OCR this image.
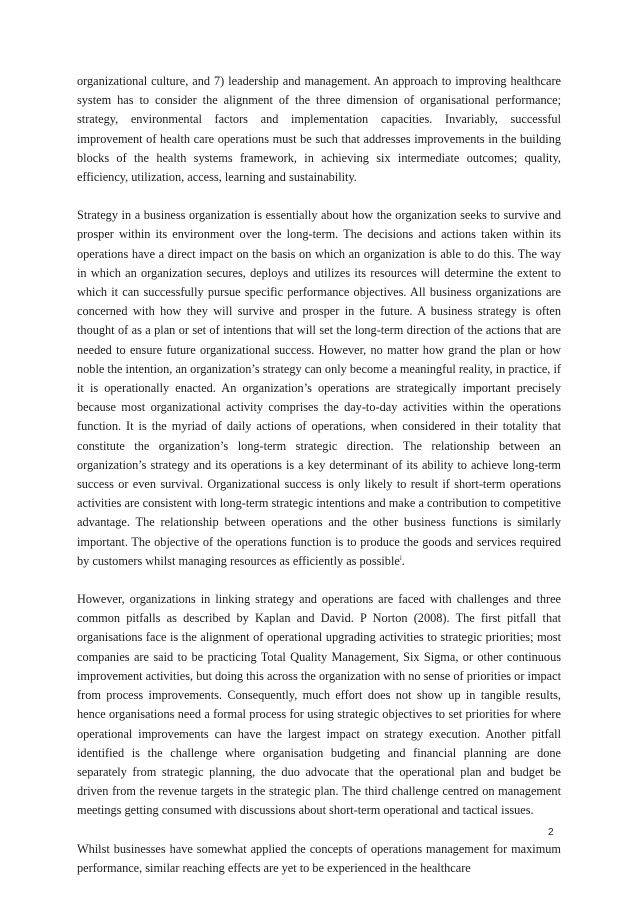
organizational culture, and 7) leadership and management. An approach to improving healthcare system has to consider the alignment of the three dimension of organisational performance; strategy, environmental factors and implementation capacities. Invariably, successful improvement of health care operations must be such that addresses improvements in the building blocks of the health systems framework, in achieving six intermediate outcomes; quality, efficiency, utilization, access, learning and sustainability.

Strategy in a business organization is essentially about how the organization seeks to survive and prosper within its environment over the long-term. The decisions and actions taken within its operations have a direct impact on the basis on which an organization is able to do this. The way in which an organization secures, deploys and utilizes its resources will determine the extent to which it can successfully pursue specific performance objectives. All business organizations are concerned with how they will survive and prosper in the future. A business strategy is often thought of as a plan or set of intentions that will set the long-term direction of the actions that are needed to ensure future organizational success. However, no matter how grand the plan or how noble the intention, an organization’s strategy can only become a meaningful reality, in practice, if it is operationally enacted. An organization’s operations are strategically important precisely because most organizational activity comprises the day-to-day activities within the operations function. It is the myriad of daily actions of operations, when considered in their totality that constitute the organization’s long-term strategic direction. The relationship between an organization’s strategy and its operations is a key determinant of its ability to achieve long-term success or even survival. Organizational success is only likely to result if short-term operations activities are consistent with long-term strategic intentions and make a contribution to competitive advantage. The relationship between operations and the other business functions is similarly important. The objective of the operations function is to produce the goods and services required by customers whilst managing resources as efficiently as possible$^i$.

However, organizations in linking strategy and operations are faced with challenges and three common pitfalls as described by Kaplan and David. P Norton (2008). The first pitfall that organisations face is the alignment of operational upgrading activities to strategic priorities; most companies are said to be practicing Total Quality Management, Six Sigma, or other continuous improvement activities, but doing this across the organization with no sense of priorities or impact from process improvements. Consequently, much effort does not show up in tangible results, hence organisations need a formal process for using strategic objectives to set priorities for where operational improvements can have the largest impact on strategy execution. Another pitfall identified is the challenge where organisation budgeting and financial planning are done separately from strategic planning, the duo advocate that the operational plan and budget be driven from the revenue targets in the strategic plan. The third challenge centred on management meetings getting consumed with discussions about short-term operational and tactical issues.

Whilst businesses have somewhat applied the concepts of operations management for maximum performance, similar reaching effects are yet to be experienced in the healthcare

2
